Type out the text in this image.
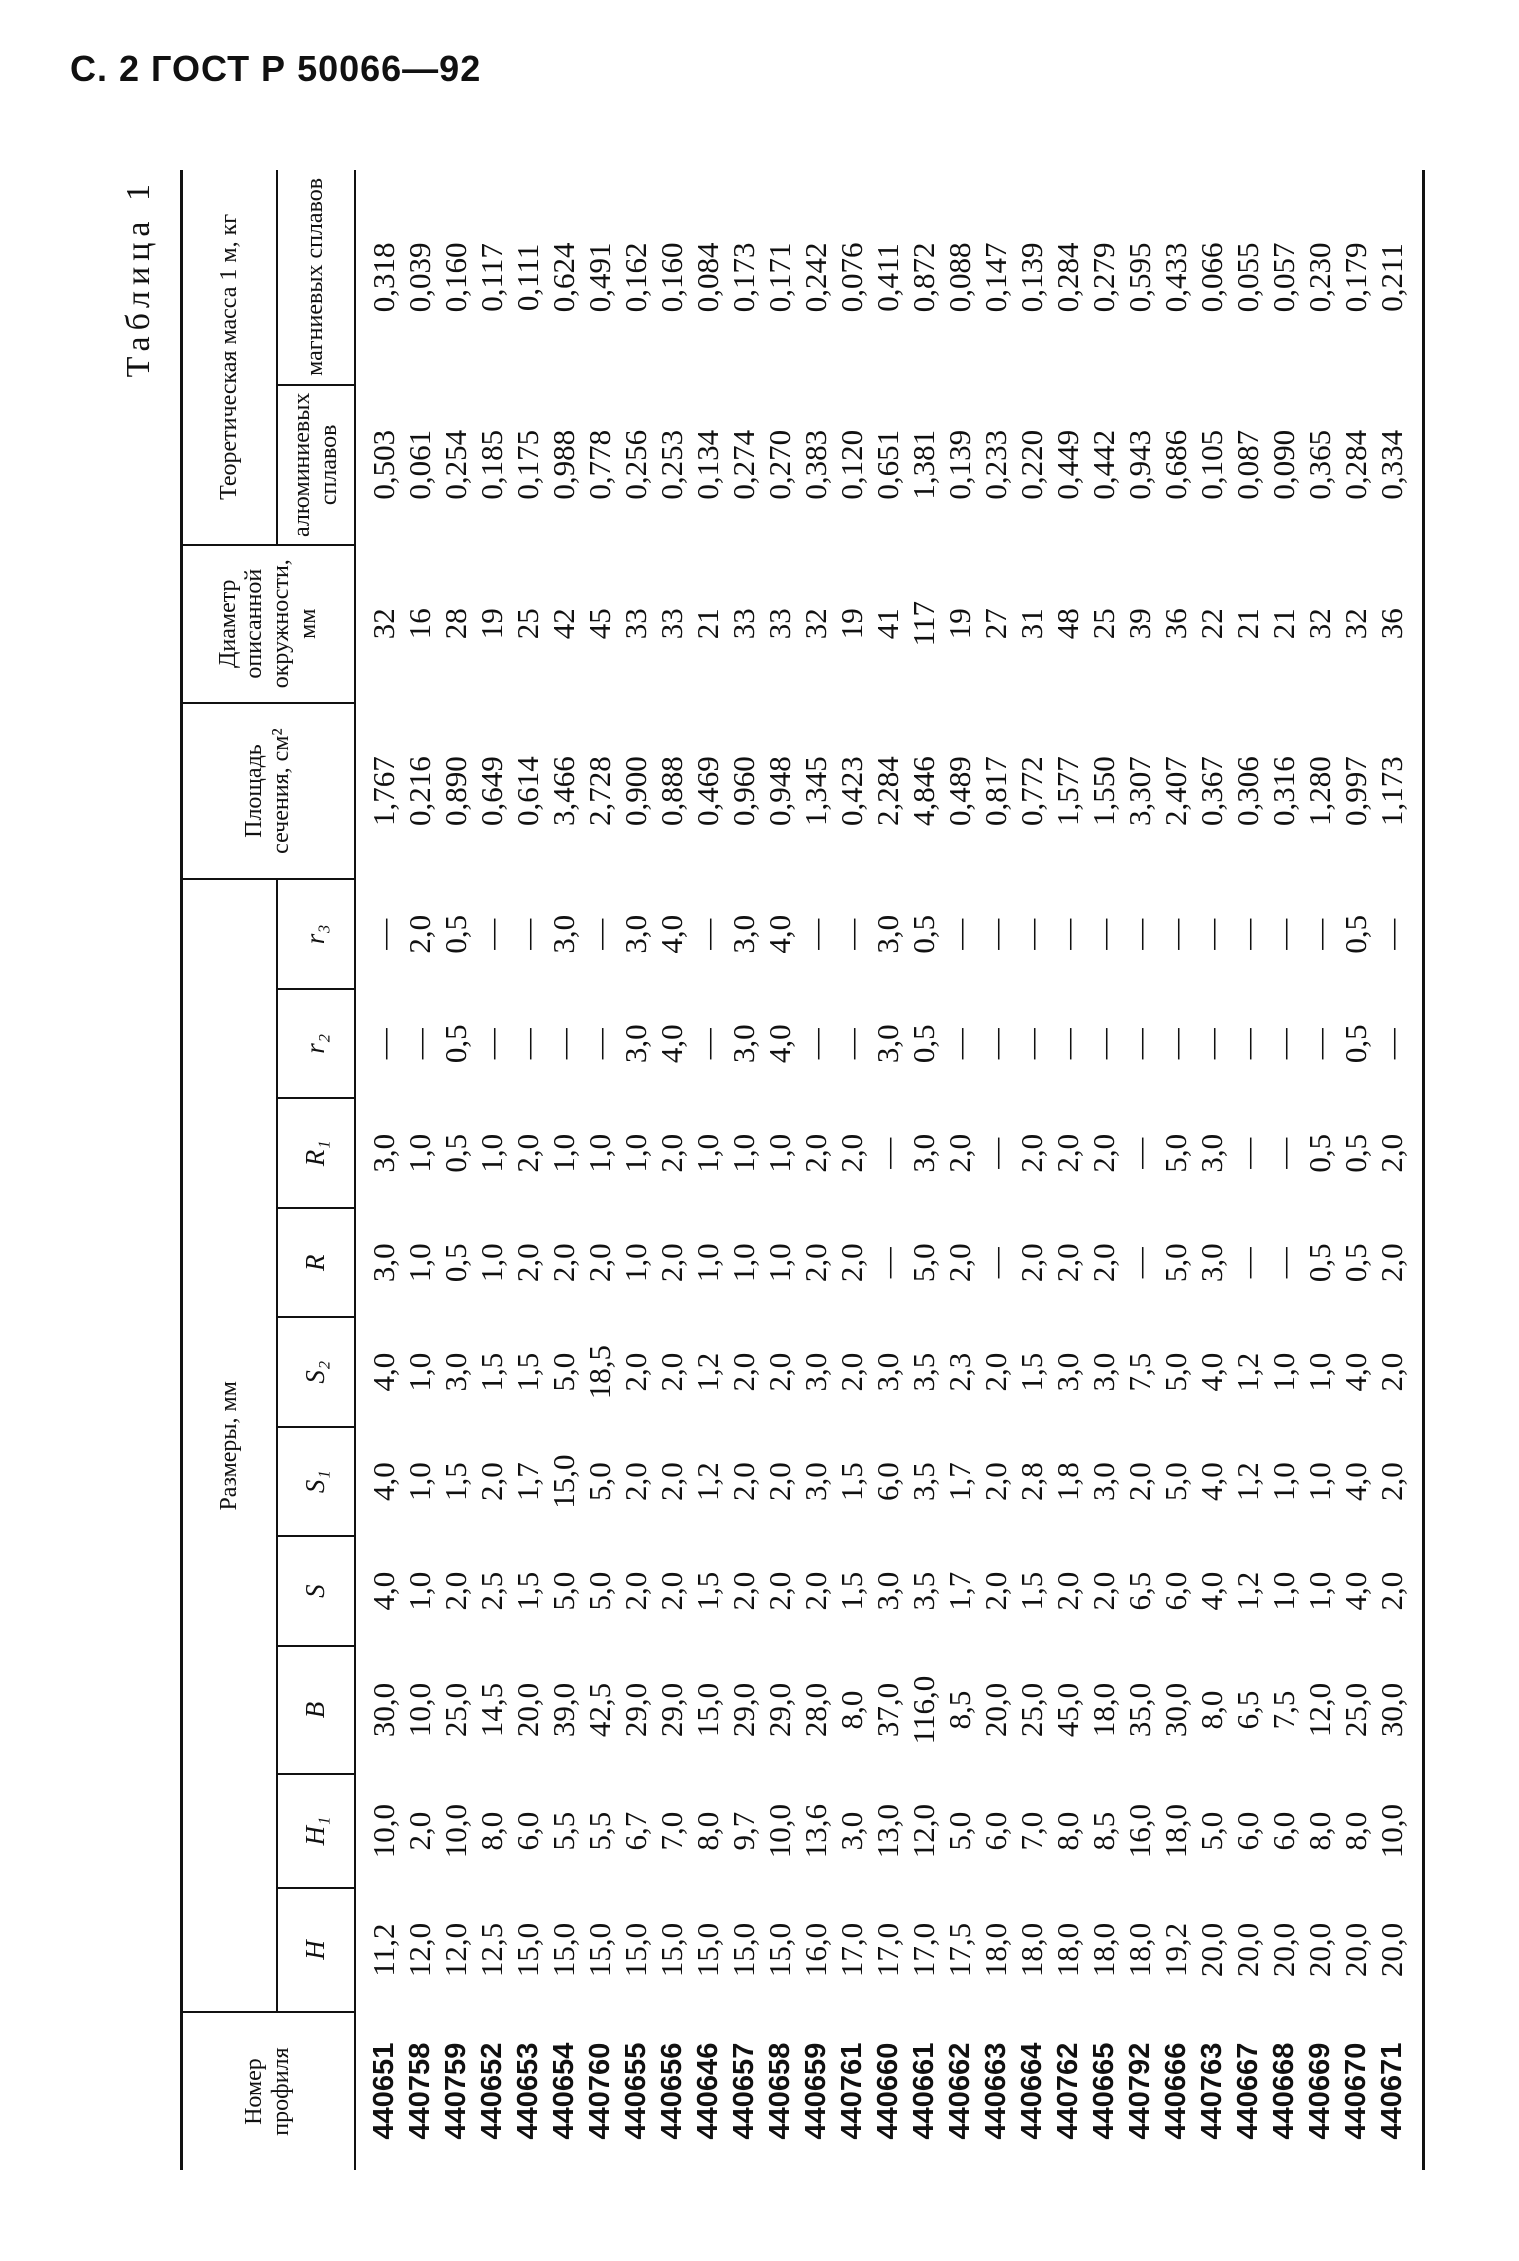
С. 2 ГОСТ Р 50066—92
Таблица 1
Номер профиля	Размеры, мм										Площадь сечения, см²	Диаметр описанной окружности, мм	Теоретическая масса 1 м, кг	
	H	H₁	B	S	S₁	S₂	R	R₁	r₂	r₃			алюминиевых сплавов	магниевых сплавов
440651	11,2	10,0	30,0	4,0	4,0	4,0	3,0	3,0	—	—	1,767	32	0,503	0,318
440758	12,0	2,0	10,0	1,0	1,0	1,0	1,0	1,0	—	2,0	0,216	16	0,061	0,039
440759	12,0	10,0	25,0	2,0	1,5	3,0	0,5	0,5	0,5	0,5	0,890	28	0,254	0,160
440652	12,5	8,0	14,5	2,5	2,0	1,5	1,0	1,0	—	—	0,649	19	0,185	0,117
440653	15,0	6,0	20,0	1,5	1,7	1,5	2,0	2,0	—	—	0,614	25	0,175	0,111
440654	15,0	5,5	39,0	5,0	15,0	5,0	2,0	1,0	—	3,0	3,466	42	0,988	0,624
440760	15,0	5,5	42,5	5,0	5,0	18,5	2,0	1,0	—	—	2,728	45	0,778	0,491
440655	15,0	6,7	29,0	2,0	2,0	2,0	1,0	1,0	3,0	3,0	0,900	33	0,256	0,162
440656	15,0	7,0	29,0	2,0	2,0	2,0	2,0	2,0	4,0	4,0	0,888	33	0,253	0,160
440646	15,0	8,0	15,0	1,5	1,2	1,2	1,0	1,0	—	—	0,469	21	0,134	0,084
440657	15,0	9,7	29,0	2,0	2,0	2,0	1,0	1,0	3,0	3,0	0,960	33	0,274	0,173
440658	15,0	10,0	29,0	2,0	2,0	2,0	1,0	1,0	4,0	4,0	0,948	33	0,270	0,171
440659	16,0	13,6	28,0	2,0	3,0	3,0	2,0	2,0	—	—	1,345	32	0,383	0,242
440761	17,0	3,0	8,0	1,5	1,5	2,0	2,0	2,0	—	—	0,423	19	0,120	0,076
440660	17,0	13,0	37,0	3,0	6,0	3,0	—	—	3,0	3,0	2,284	41	0,651	0,411
440661	17,0	12,0	116,0	3,5	3,5	3,5	5,0	3,0	0,5	0,5	4,846	117	1,381	0,872
440662	17,5	5,0	8,5	1,7	1,7	2,3	2,0	2,0	—	—	0,489	19	0,139	0,088
440663	18,0	6,0	20,0	2,0	2,0	2,0	—	—	—	—	0,817	27	0,233	0,147
440664	18,0	7,0	25,0	1,5	2,8	1,5	2,0	2,0	—	—	0,772	31	0,220	0,139
440762	18,0	8,0	45,0	2,0	1,8	3,0	2,0	2,0	—	—	1,577	48	0,449	0,284
440665	18,0	8,5	18,0	2,0	3,0	3,0	2,0	2,0	—	—	1,550	25	0,442	0,279
440792	18,0	16,0	35,0	6,5	2,0	7,5	—	—	—	—	3,307	39	0,943	0,595
440666	19,2	18,0	30,0	6,0	5,0	5,0	5,0	5,0	—	—	2,407	36	0,686	0,433
440763	20,0	5,0	8,0	4,0	4,0	4,0	3,0	3,0	—	—	0,367	22	0,105	0,066
440667	20,0	6,0	6,5	1,2	1,2	1,2	—	—	—	—	0,306	21	0,087	0,055
440668	20,0	6,0	7,5	1,0	1,0	1,0	—	—	—	—	0,316	21	0,090	0,057
440669	20,0	8,0	12,0	1,0	1,0	1,0	0,5	0,5	—	—	1,280	32	0,365	0,230
440670	20,0	8,0	25,0	4,0	4,0	4,0	0,5	0,5	0,5	0,5	0,997	32	0,284	0,179
440671	20,0	10,0	30,0	2,0	2,0	2,0	2,0	2,0	—	—	1,173	36	0,334	0,211
